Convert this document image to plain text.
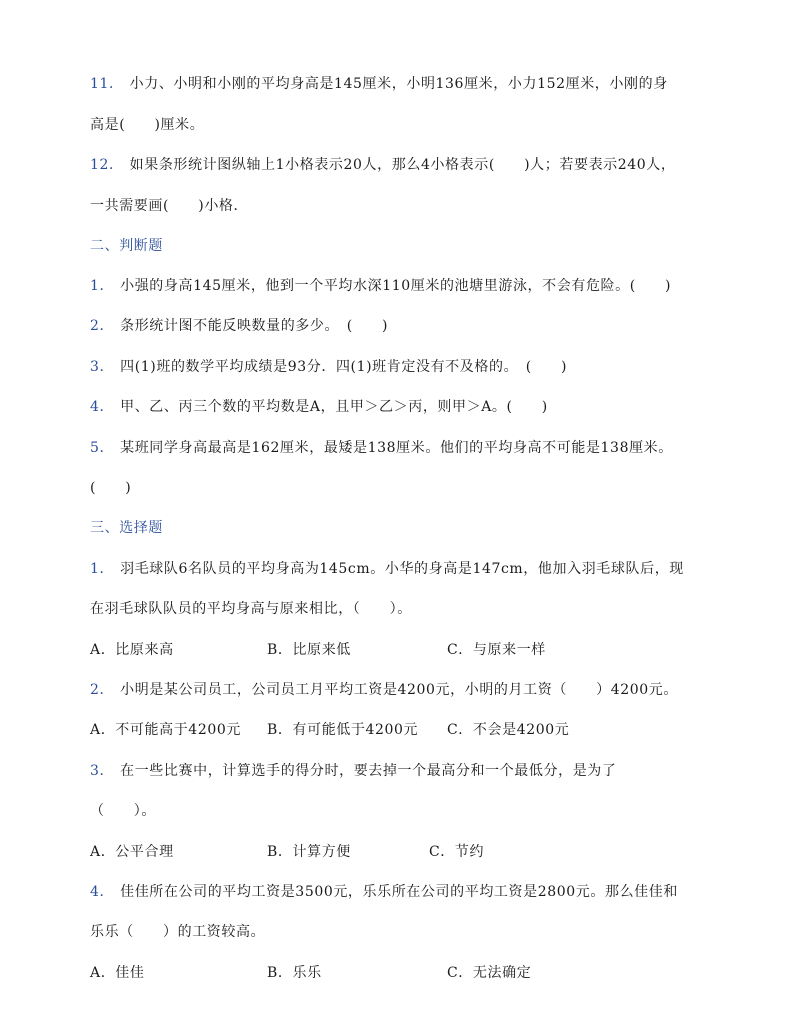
11． 小力、小明和小刚的平均身高是145厘米，小明136厘米，小力152厘米，小刚的身
高是(　　)厘米。
12． 如果条形统计图纵轴上1小格表示20人，那么4小格表示(　　)人；若要表示240人，
一共需要画(　　)小格．
二、判断题
1． 小强的身高145厘米，他到一个平均水深110厘米的池塘里游泳，不会有危险。(　　)
2． 条形统计图不能反映数量的多少。　(　　)
3． 四(1)班的数学平均成绩是93分．四(1)班肯定没有不及格的。　(　　)
4． 甲、乙、丙三个数的平均数是A，且甲＞乙＞丙，则甲＞A。(　　)
5． 某班同学身高最高是162厘米，最矮是138厘米。他们的平均身高不可能是138厘米。
(　　)
三、选择题
1． 羽毛球队6名队员的平均身高为145cm。小华的身高是147cm，他加入羽毛球队后，现
在羽毛球队队员的平均身高与原来相比，（　　）。
A．比原来高	B．比原来低	C．与原来一样
2． 小明是某公司员工，公司员工月平均工资是4200元，小明的月工资（　　）4200元。
A．不可能高于4200元 B．有可能低于4200元 C．不会是4200元
3． 在一些比赛中，计算选手的得分时，要去掉一个最高分和一个最低分，是为了
（　　）。
A．公平合理	B．计算方便	C．节约
4． 佳佳所在公司的平均工资是3500元，乐乐所在公司的平均工资是2800元。那么佳佳和
乐乐（　　）的工资较高。
A．佳佳	B．乐乐	C．无法确定
